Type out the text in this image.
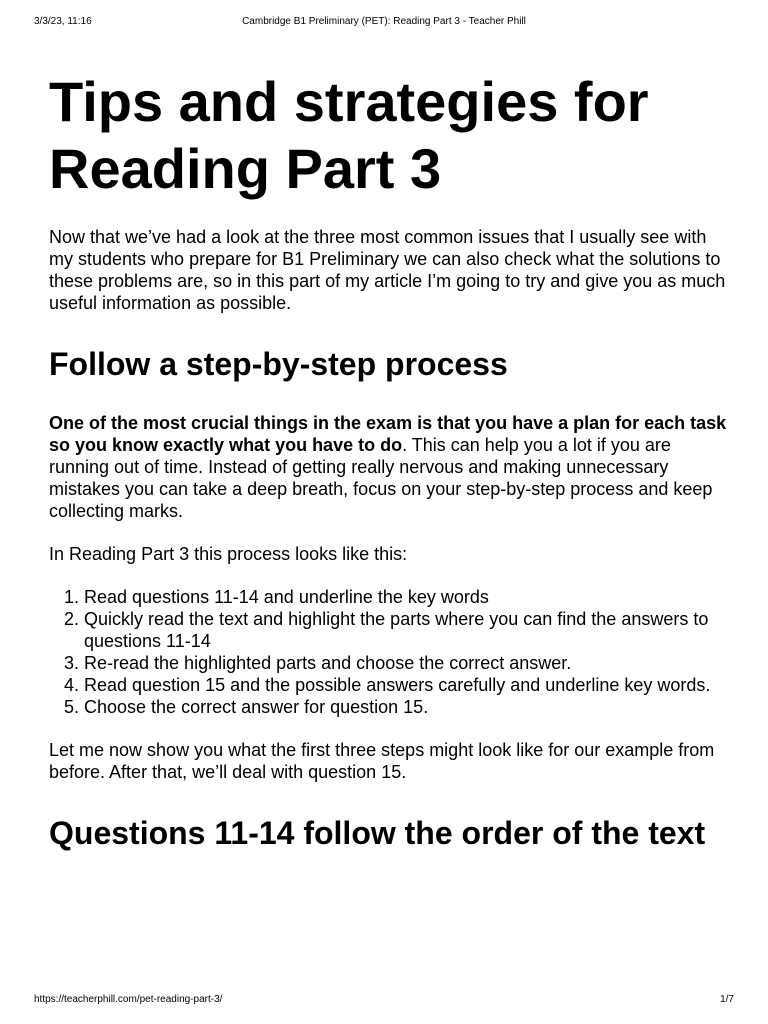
3/3/23, 11:16	Cambridge B1 Preliminary (PET): Reading Part 3 - Teacher Phill
Tips and strategies for Reading Part 3

Now that we’ve had a look at the three most common issues that I usually see with my students who prepare for B1 Preliminary we can also check what the solutions to these problems are, so in this part of my article I’m going to try and give you as much useful information as possible.

Follow a step-by-step process

One of the most crucial things in the exam is that you have a plan for each task so you know exactly what you have to do. This can help you a lot if you are running out of time. Instead of getting really nervous and making unnecessary mistakes you can take a deep breath, focus on your step-by-step process and keep collecting marks.

In Reading Part 3 this process looks like this:

1. Read questions 11-14 and underline the key words
2. Quickly read the text and highlight the parts where you can find the answers to questions 11-14
3. Re-read the highlighted parts and choose the correct answer.
4. Read question 15 and the possible answers carefully and underline key words.
5. Choose the correct answer for question 15.

Let me now show you what the first three steps might look like for our example from before. After that, we’ll deal with question 15.

Questions 11-14 follow the order of the text
https://teacherphill.com/pet-reading-part-3/	1/7
